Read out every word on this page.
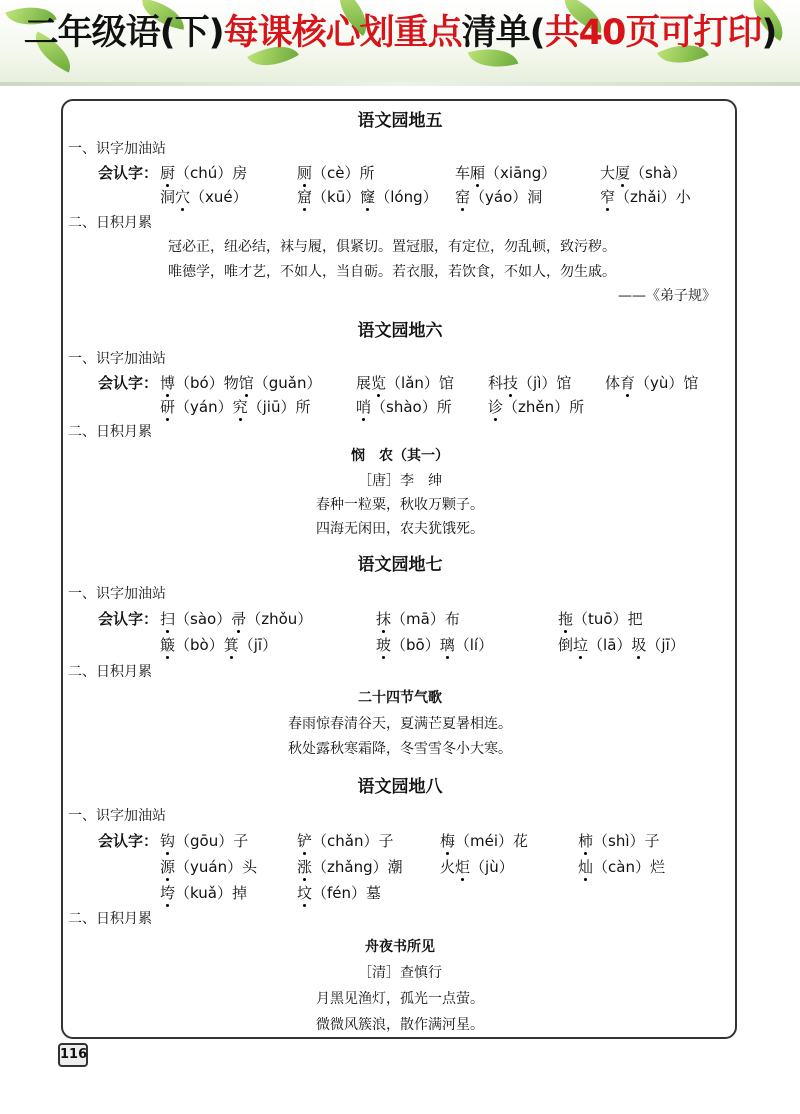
二年级语(下)每课核心划重点清单(共40页可打印)
语文园地五
一、识字加油站
会认字： 厨（chú）房	厕（cè）所	车厢（xiāng）	大厦（shà）
洞穴（xué）	窟（kū）窿（lóng） 窑（yáo）洞	窄（zhǎi）小
二、日积月累
冠必正，纽必结，袜与履，俱紧切。置冠服，有定位，勿乱顿，致污秽。
唯德学，唯才艺，不如人，当自砺。若衣服，若饮食，不如人，勿生戚。
——《弟子规》
语文园地六
一、识字加油站
会认字： 博（bó）物馆（guǎn） 展览（lǎn）馆 科技（jì）馆 体育（yù）馆
研（yán）究（jiū）所	哨（shào）所 诊（zhěn）所
二、日积月累
悯　农（其一）
［唐］李　绅
春种一粒粟，秋收万颗子。
四海无闲田，农夫犹饿死。
语文园地七
一、识字加油站
会认字： 扫（sào）帚（zhǒu）	抹（mā）布	拖（tuō）把
簸（bò）箕（jī）	玻（bō）璃（lí）	倒垃（lā）圾（jī）
二、日积月累
二十四节气歌
春雨惊春清谷天，夏满芒夏暑相连。
秋处露秋寒霜降，冬雪雪冬小大寒。
语文园地八
一、识字加油站
会认字： 钩（gōu）子	铲（chǎn）子	梅（méi）花	柿（shì）子
源（yuán）头	涨（zhǎng）潮 火炬（jù）	灿（càn）烂
垮（kuǎ）掉	坟（fén）墓
二、日积月累
舟夜书所见
［清］查慎行
月黑见渔灯，孤光一点萤。
微微风簇浪，散作满河星。
116
